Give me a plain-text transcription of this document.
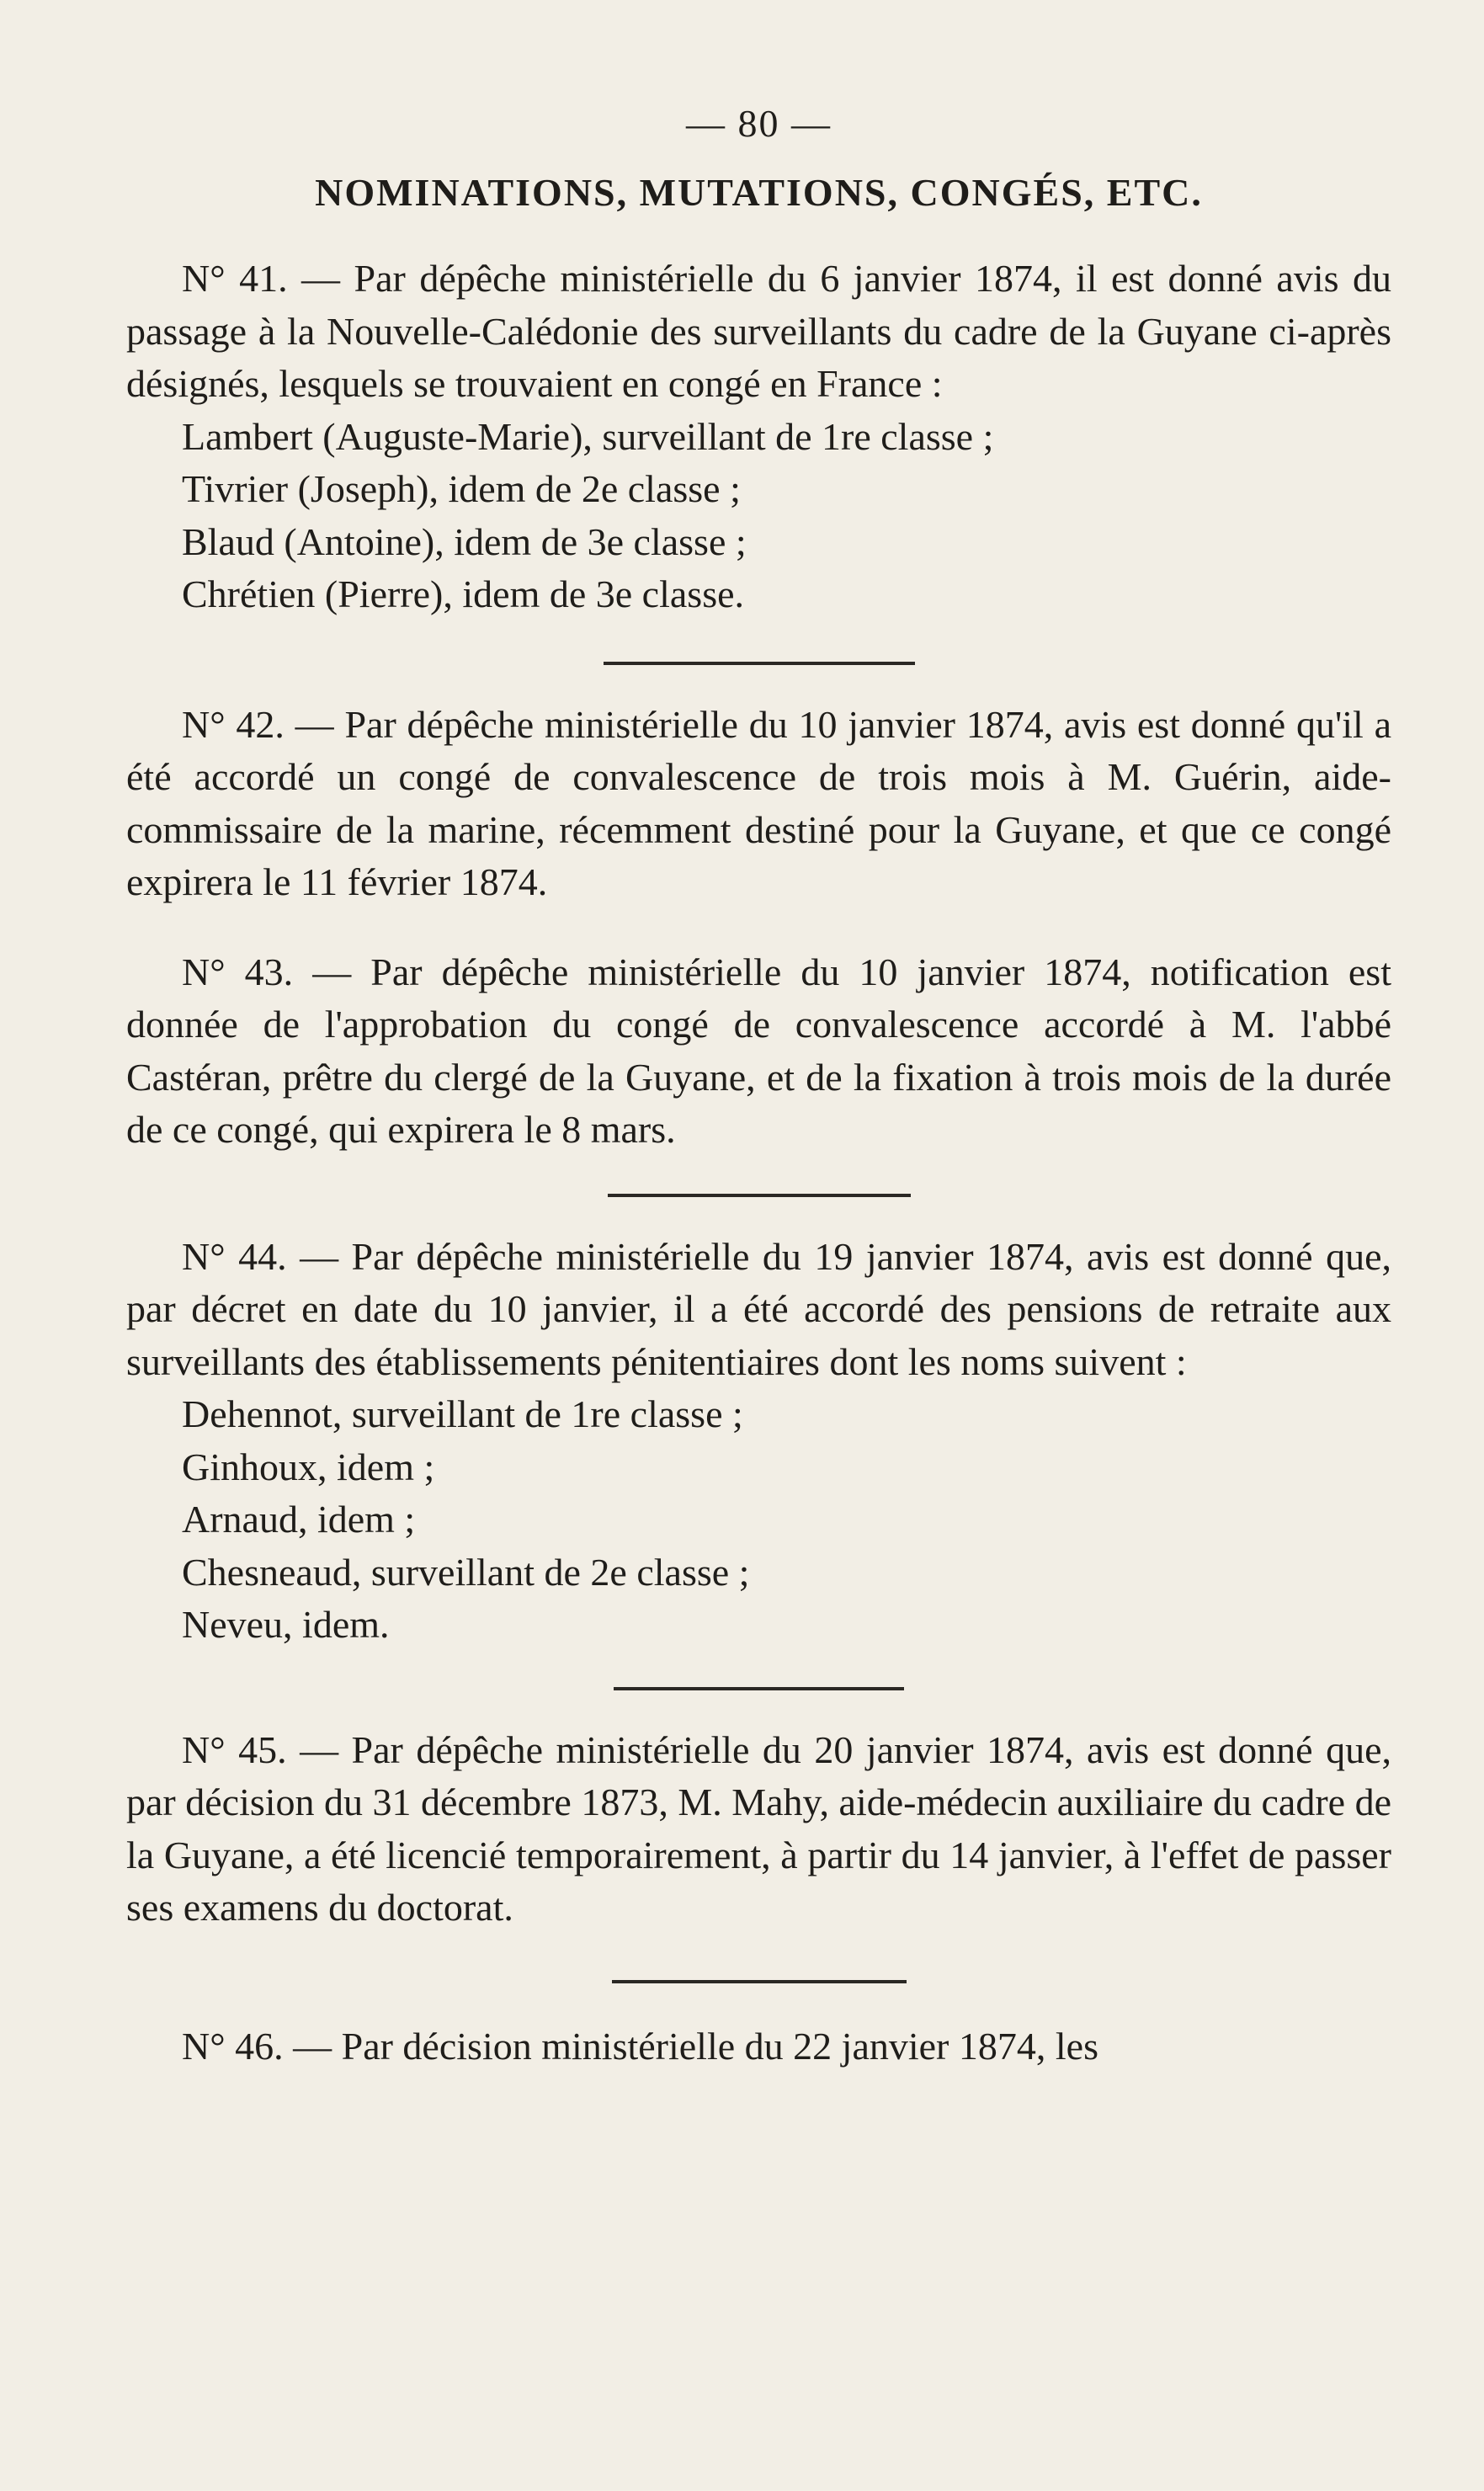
— 80 —
NOMINATIONS, MUTATIONS, CONGÉS, ETC.

N° 41. — Par dépêche ministérielle du 6 janvier 1874, il est donné avis du passage à la Nouvelle-Calédonie des surveillants du cadre de la Guyane ci-après désignés, lesquels se trouvaient en congé en France :

Lambert (Auguste-Marie), surveillant de 1re classe ;
Tivrier (Joseph), idem de 2e classe ;
Blaud (Antoine), idem de 3e classe ;
Chrétien (Pierre), idem de 3e classe.

N° 42. — Par dépêche ministérielle du 10 janvier 1874, avis est donné qu'il a été accordé un congé de convalescence de trois mois à M. Guérin, aide-commissaire de la marine, récemment destiné pour la Guyane, et que ce congé expirera le 11 février 1874.

N° 43. — Par dépêche ministérielle du 10 janvier 1874, notification est donnée de l'approbation du congé de convalescence accordé à M. l'abbé Castéran, prêtre du clergé de la Guyane, et de la fixation à trois mois de la durée de ce congé, qui expirera le 8 mars.

N° 44. — Par dépêche ministérielle du 19 janvier 1874, avis est donné que, par décret en date du 10 janvier, il a été accordé des pensions de retraite aux surveillants des établissements pénitentiaires dont les noms suivent :

Dehennot, surveillant de 1re classe ;
Ginhoux, idem ;
Arnaud, idem ;
Chesneaud, surveillant de 2e classe ;
Neveu, idem.

N° 45. — Par dépêche ministérielle du 20 janvier 1874, avis est donné que, par décision du 31 décembre 1873, M. Mahy, aide-médecin auxiliaire du cadre de la Guyane, a été licencié temporairement, à partir du 14 janvier, à l'effet de passer ses examens du doctorat.

N° 46. — Par décision ministérielle du 22 janvier 1874, les
